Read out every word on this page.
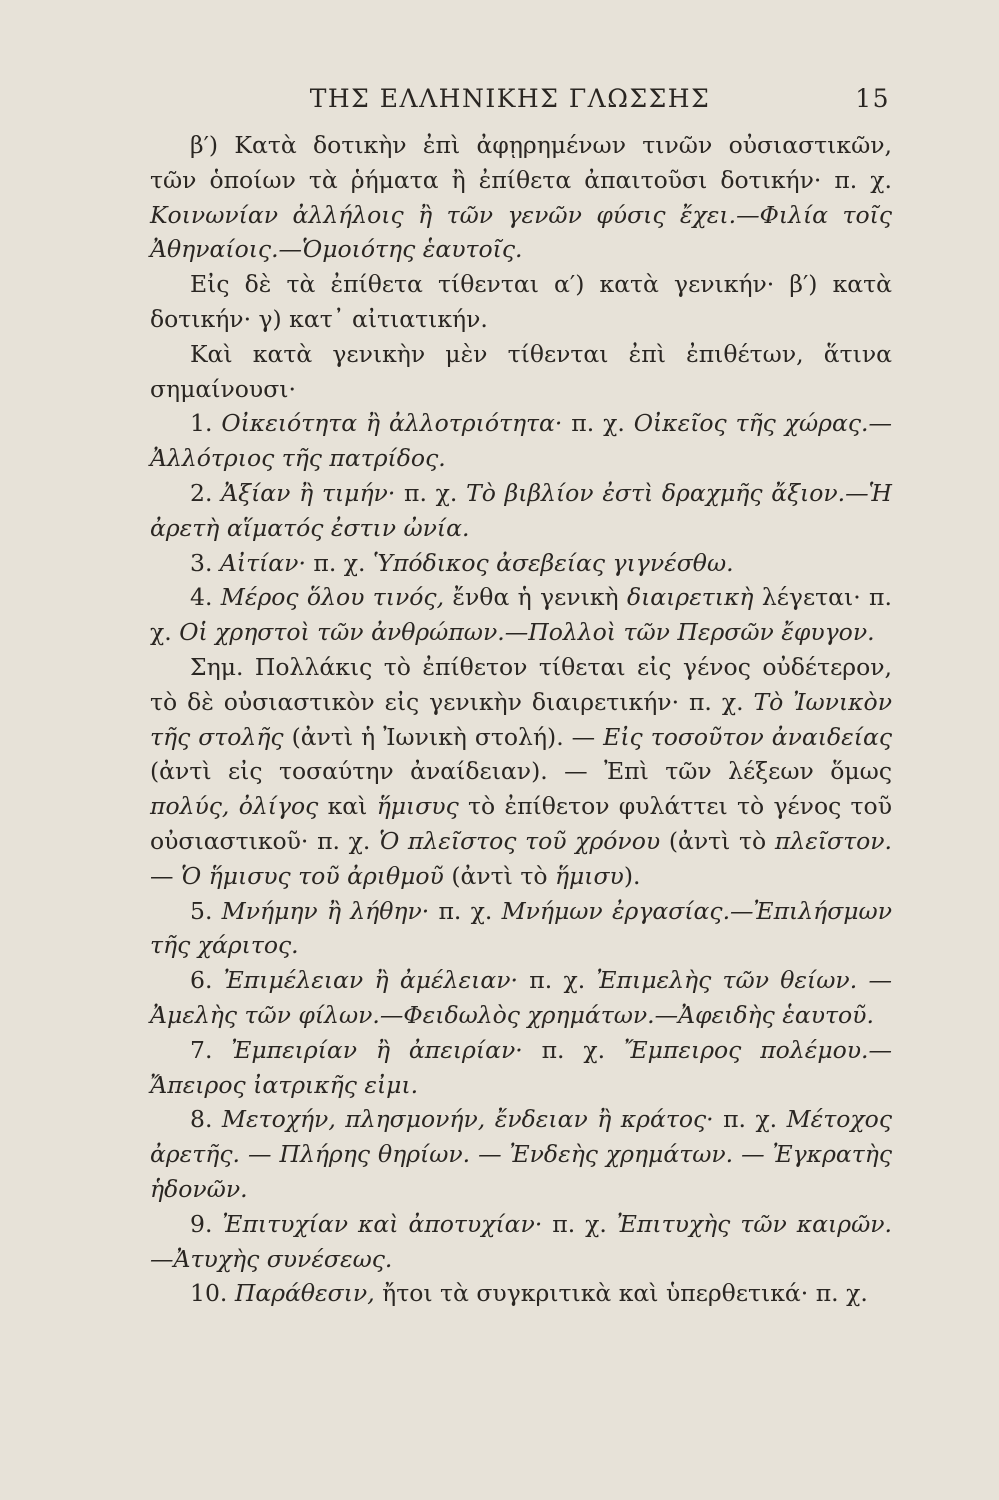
ΤΗΣ ΕΛΛΗΝΙΚΗΣ ΓΛΩΣΣΗΣ	15

β′) Κατὰ δοτικὴν ἐπὶ ἀφῃρημένων τινῶν οὐσιαστικῶν, τῶν ὁποίων τὰ ῥήματα ἢ ἐπίθετα ἀπαιτοῦσι δοτικήν· π. χ. Κοινωνίαν ἀλλήλοις ἢ τῶν γενῶν φύσις ἔχει.—Φιλία τοῖς Ἀθηναίοις.—Ὁμοιότης ἑαυτοῖς.

Εἰς δὲ τὰ ἐπίθετα τίθενται α′) κατὰ γενικήν· β′) κατὰ δοτικήν· γ) κατ᾿ αἰτιατικήν.

Καὶ κατὰ γενικὴν μὲν τίθενται ἐπὶ ἐπιθέτων, ἅτινα σημαίνουσι·

1. Οἰκειότητα ἢ ἀλλοτριότητα· π. χ. Οἰκεῖος τῆς χώρας.—Ἀλλότριος τῆς πατρίδος.

2. Ἀξίαν ἢ τιμήν· π. χ. Τὸ βιβλίον ἐστὶ δραχμῆς ἄξιον.—Ἡ ἀρετὴ αἵματός ἐστιν ὠνία.

3. Αἰτίαν· π. χ. Ὑπόδικος ἀσεβείας γιγνέσθω.

4. Μέρος ὅλου τινός, ἔνθα ἡ γενικὴ διαιρετικὴ λέγεται· π. χ. Οἱ χρηστοὶ τῶν ἀνθρώπων.—Πολλοὶ τῶν Περσῶν ἔφυγον.

Σημ. Πολλάκις τὸ ἐπίθετον τίθεται εἰς γένος οὐδέτερον, τὸ δὲ οὐσιαστικὸν εἰς γενικὴν διαιρετικήν· π. χ. Τὸ Ἰωνικὸν τῆς στολῆς (ἀντὶ ἡ Ἰωνικὴ στολή). — Εἰς τοσοῦτον ἀναιδείας (ἀντὶ εἰς τοσαύτην ἀναίδειαν). — Ἐπὶ τῶν λέξεων ὅμως πολύς, ὀλίγος καὶ ἥμισυς τὸ ἐπίθετον φυλάττει τὸ γένος τοῦ οὐσιαστικοῦ· π. χ. Ὁ πλεῖστος τοῦ χρόνου (ἀντὶ τὸ πλεῖστον. — Ὁ ἥμισυς τοῦ ἀριθμοῦ (ἀντὶ τὸ ἥμισυ).

5. Μνήμην ἢ λήθην· π. χ. Μνήμων ἐργασίας.—Ἐπιλήσμων τῆς χάριτος.

6. Ἐπιμέλειαν ἢ ἀμέλειαν· π. χ. Ἐπιμελὴς τῶν θείων. — Ἀμελὴς τῶν φίλων.—Φειδωλὸς χρημάτων.—Ἀφειδὴς ἑαυτοῦ.

7. Ἐμπειρίαν ἢ ἀπειρίαν· π. χ. Ἔμπειρος πολέμου.—Ἄπειρος ἰατρικῆς εἰμι.

8. Μετοχήν, πλησμονήν, ἔνδειαν ἢ κράτος· π. χ. Μέτοχος ἀρετῆς. — Πλήρης θηρίων. — Ἐνδεὴς χρημάτων. — Ἐγκρατὴς ἡδονῶν.

9. Ἐπιτυχίαν καὶ ἀποτυχίαν· π. χ. Ἐπιτυχὴς τῶν καιρῶν.—Ἀτυχὴς συνέσεως.

10. Παράθεσιν, ἤτοι τὰ συγκριτικὰ καὶ ὑπερθετικά· π. χ.
